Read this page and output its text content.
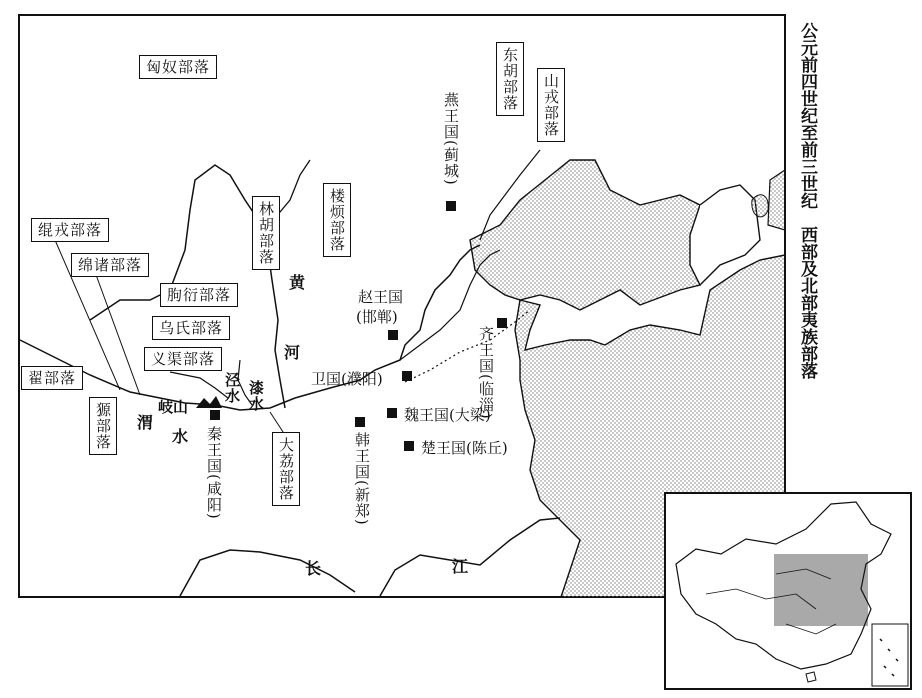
匈奴部落	东胡部落	山戎部落
林胡部落	楼烦部落
绲戎部落
绵诸部落
朐衍部落
乌氏部落
义渠部落
翟部落
獂部落
大荔部落
燕王国(蓟城)
赵王国
(邯郸)
齐王国(临淄)
卫国(濮阳)
魏王国(大梁)
楚王国(陈丘)
韩王国(新郑)
秦王国(咸阳)
黄
河
渭
水
泾水 漆水
岐山
长	江
公元前四世纪至前三世纪　西部及北部夷族部落
